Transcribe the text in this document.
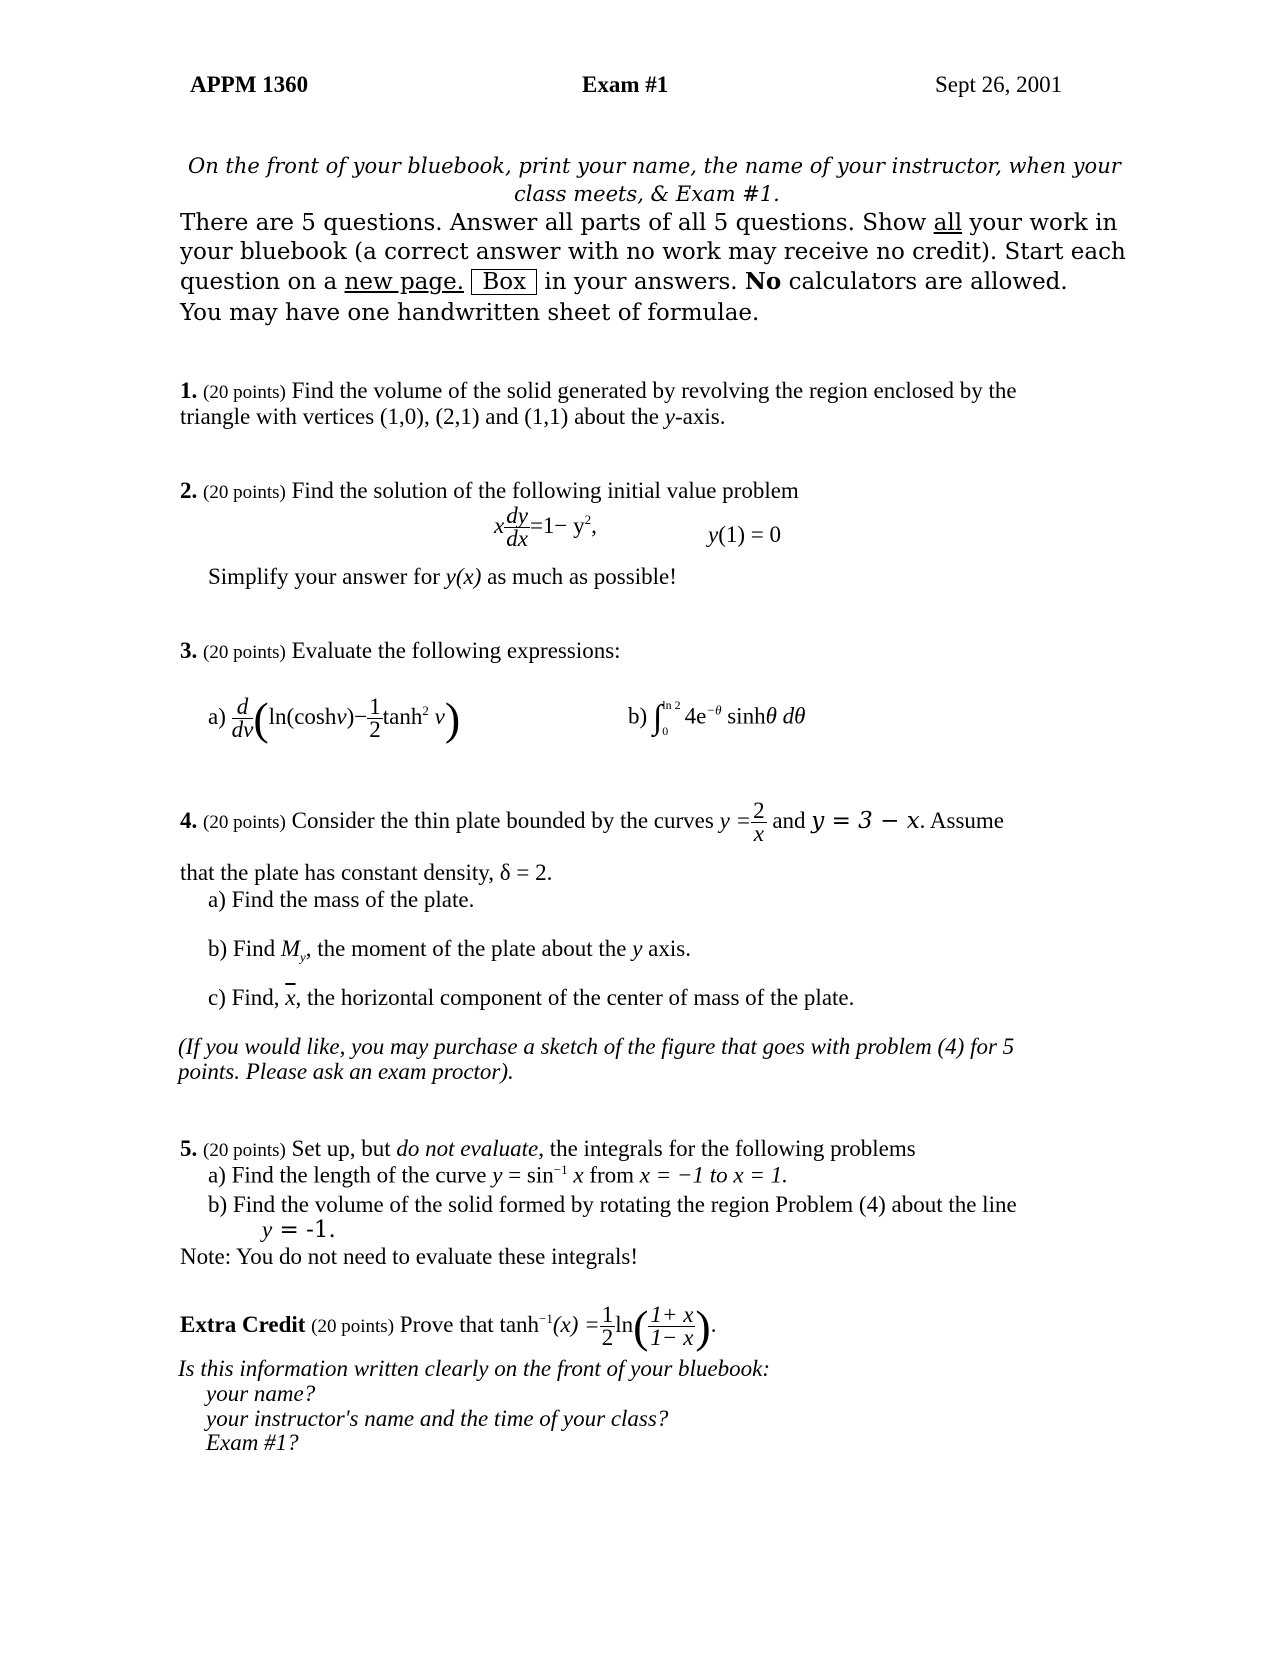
APPM 1360	Exam #1	Sept 26, 2001
On the front of your bluebook, print your name, the name of your instructor, when your
class meets, & Exam #1.
There are 5 questions. Answer all parts of all 5 questions. Show all your work in
your bluebook (a correct answer with no work may receive no credit). Start each
question on a new page. Box in your answers. No calculators are allowed.
You may have one handwritten sheet of formulae.
1. (20 points) Find the volume of the solid generated by revolving the region enclosed by the
triangle with vertices (1,0), (2,1) and (1,1) about the y-axis.
2. (20 points) Find the solution of the following initial value problem
x $\frac{dy}{dx} =1- y^2$,	y(1) = 0
Simplify your answer for y(x) as much as possible!
3. (20 points) Evaluate the following expressions:
$a) \frac{d}{dv} (\ln(\cosh v)- \frac{1}{2} \tanh^2 v)$	b) ∫ ln 2
0
$4e^{-\theta}$ sinhθ dθ
4. (20 points) Consider the thin plate bounded by the curves $y = \frac{2}{x}$ and y = 3 − x. Assume
that the plate has constant density, δ = 2.
a) Find the mass of the plate.
b) Find $M_y$, the moment of the plate about the y axis.
c) Find, $\overline{x}$, the horizontal component of the center of mass of the plate.
(If you would like, you may purchase a sketch of the figure that goes with problem (4) for 5
points. Please ask an exam proctor).
5. (20 points) Set up, but do not evaluate, the integrals for the following problems
a) Find the length of the curve $y = \sin^{-1} x$ from x = −1 to x = 1.
b) Find the volume of the solid formed by rotating the region Problem (4) about the line
y = -1.
Note: You do not need to evaluate these integrals!
Extra Credit (20 points) Prove that $\tanh^{-1}(x) = \frac{1}{2} \ln( \frac{1+ x}{1- x}$ ).
Is this information written clearly on the front of your bluebook:
your name?
your instructor's name and the time of your class?
Exam #1?
